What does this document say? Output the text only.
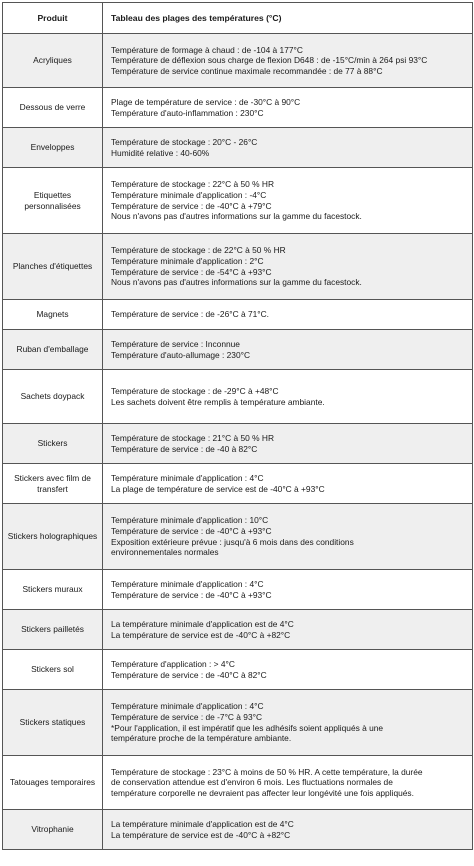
Produit	Tableau des plages des températures (°C)
Acryliques	Température de formage à chaud : de -104 à 177°C
Température de déflexion sous charge de flexion D648 : de -15°C/min à 264 psi 93°C
Température de service continue maximale recommandée : de 77 à 88°C

Dessous de verre	Plage de température de service : de -30°C à 90°C
Température d'auto-inflammation : 230°C

Enveloppes	Température de stockage : 20°C - 26°C
Humidité relative : 40-60%

Etiquettes personnalisées	Température de stockage : 22°C à 50 % HR
Température minimale d'application : -4°C
Température de service : de -40°C à +79°C
Nous n'avons pas d'autres informations sur la gamme du facestock.

Planches d'étiquettes	Température de stockage : de 22°C à 50 % HR
Température minimale d'application : 2°C
Température de service : de -54°C à +93°C
Nous n'avons pas d'autres informations sur la gamme du facestock.

Magnets	Température de service : de -26°C à 71°C.

Ruban d'emballage	Température de service : Inconnue
Température d'auto-allumage : 230°C

Sachets doypack	Température de stockage : de -29°C à +48°C
Les sachets doivent être remplis à température ambiante.

Stickers	Température de stockage : 21°C à 50 % HR
Température de service : de -40 à 82°C

Stickers avec film de transfert	Température minimale d'application : 4°C
La plage de température de service est de -40°C à +93°C

Stickers holographiques	Température minimale d'application : 10°C
Température de service : de -40°C à +93°C
Exposition extérieure prévue : jusqu'à 6 mois dans des conditions
environnementales normales

Stickers muraux	Température minimale d'application : 4°C
Température de service : de -40°C à +93°C

Stickers pailletés	La température minimale d'application est de 4°C
La température de service est de -40°C à +82°C

Stickers sol	Température d'application : > 4°C
Température de service : de -40°C à 82°C

Stickers statiques	Température minimale d'application : 4°C
Température de service : de -7°C à 93°C
*Pour l'application, il est impératif que les adhésifs soient appliqués à une
température proche de la température ambiante.

Tatouages temporaires	Température de stockage : 23°C à moins de 50 % HR. A cette température, la durée
de conservation attendue est d'environ 6 mois. Les fluctuations normales de
température corporelle ne devraient pas affecter leur longévité une fois appliqués.

Vitrophanie	La température minimale d'application est de 4°C
La température de service est de -40°C à +82°C
